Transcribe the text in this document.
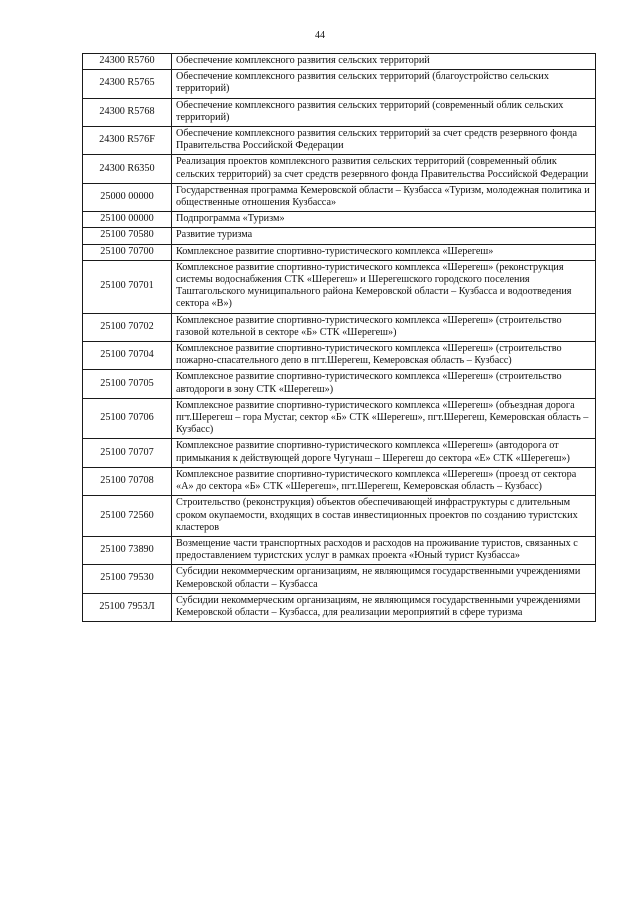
44
24300 R5760	Обеспечение комплексного развития сельских территорий
24300 R5765	Обеспечение комплексного развития сельских территорий (благоустройство сельских территорий)
24300 R5768	Обеспечение комплексного развития сельских территорий (современный облик сельских территорий)
24300 R576F	Обеспечение комплексного развития сельских территорий за счет средств резервного фонда Правительства Российской Федерации
24300 R6350	Реализация проектов комплексного развития сельских территорий (современный облик сельских территорий) за счет средств резервного фонда Правительства Российской Федерации
25000 00000	Государственная программа Кемеровской области – Кузбасса «Туризм, молодежная политика и общественные отношения Кузбасса»
25100 00000	Подпрограмма «Туризм»
25100 70580	Развитие туризма
25100 70700	Комплексное развитие спортивно-туристического комплекса «Шерегеш»
25100 70701	Комплексное развитие спортивно-туристического комплекса «Шерегеш» (реконструкция системы водоснабжения СТК «Шерегеш» и Шерегешского городского поселения Таштагольского муниципального района Кемеровской области – Кузбасса и водоотведения сектора «В»)
25100 70702	Комплексное развитие спортивно-туристического комплекса «Шерегеш» (строительство газовой котельной в секторе «Б» СТК «Шерегеш»)
25100 70704	Комплексное развитие спортивно-туристического комплекса «Шерегеш» (строительство пожарно-спасательного депо в пгт.Шерегеш, Кемеровская область – Кузбасс)
25100 70705	Комплексное развитие спортивно-туристического комплекса «Шерегеш» (строительство автодороги в зону СТК «Шерегеш»)
25100 70706	Комплексное развитие спортивно-туристического комплекса «Шерегеш» (объездная дорога пгт.Шерегеш – гора Мустаг, сектор «Б» СТК «Шерегеш», пгт.Шерегеш, Кемеровская область – Кузбасс)
25100 70707	Комплексное развитие спортивно-туристического комплекса «Шерегеш» (автодорога от примыкания к действующей дороге Чугунаш – Шерегеш до сектора «Е» СТК «Шерегеш»)
25100 70708	Комплексное развитие спортивно-туристического комплекса «Шерегеш» (проезд от сектора «А» до сектора «Б» СТК «Шерегеш», пгт.Шерегеш, Кемеровская область – Кузбасс)
25100 72560	Строительство (реконструкция) объектов обеспечивающей инфраструктуры с длительным сроком окупаемости, входящих в состав инвестиционных проектов по созданию туристских кластеров
25100 73890	Возмещение части транспортных расходов и расходов на проживание туристов, связанных с предоставлением туристских услуг в рамках проекта «Юный турист Кузбасса»
25100 79530	Субсидии некоммерческим организациям, не являющимся государственными учреждениями Кемеровской области – Кузбасса
25100 7953Л	Субсидии некоммерческим организациям, не являющимся государственными учреждениями Кемеровской области – Кузбасса, для реализации мероприятий в сфере туризма
